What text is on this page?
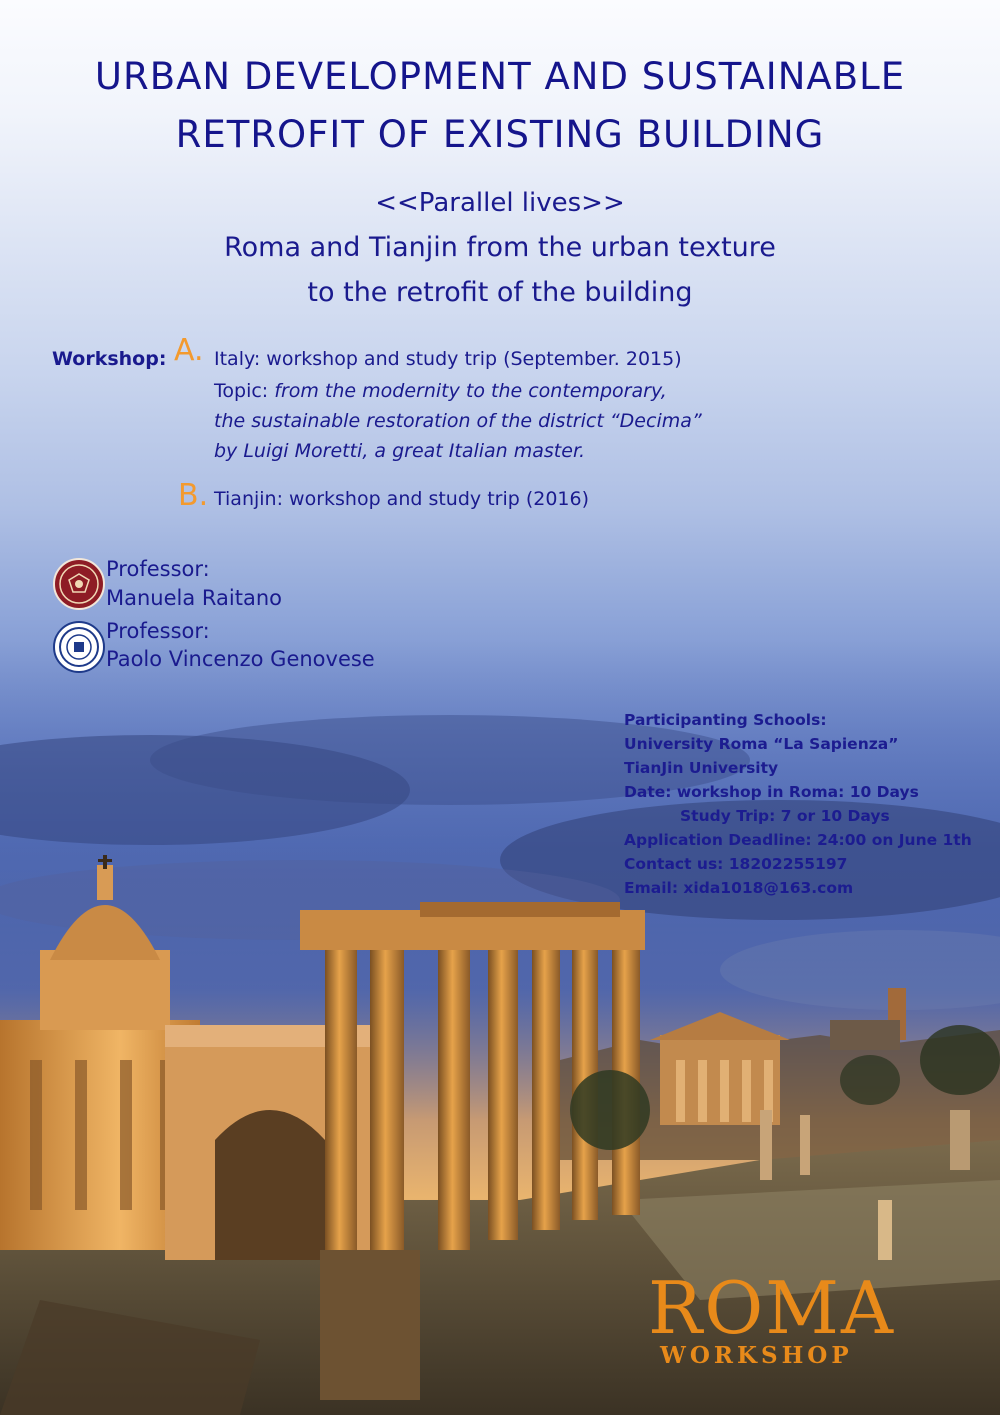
URBAN DEVELOPMENT AND SUSTAINABLE
RETROFIT OF EXISTING BUILDING
<<Parallel lives>>
Roma and Tianjin from the urban texture
to the retrofit of the building
Workshop: A. Italy: workshop and study trip (September. 2015)
Topic: from the modernity to the contemporary,
the sustainable restoration of the district “Decima”
by Luigi Moretti, a great Italian master.
B. Tianjin: workshop and study trip (2016)
Professor:
Manuela Raitano
Professor:
Paolo Vincenzo Genovese
Participanting Schools:
University Roma “La Sapienza”
TianJin University
Date: workshop in Roma: 10 Days
Study Trip: 7 or 10 Days
Application Deadline: 24:00 on June 1th
Contact us: 18202255197
Email: xida1018@163.com
ROMA
WORKSHOP
